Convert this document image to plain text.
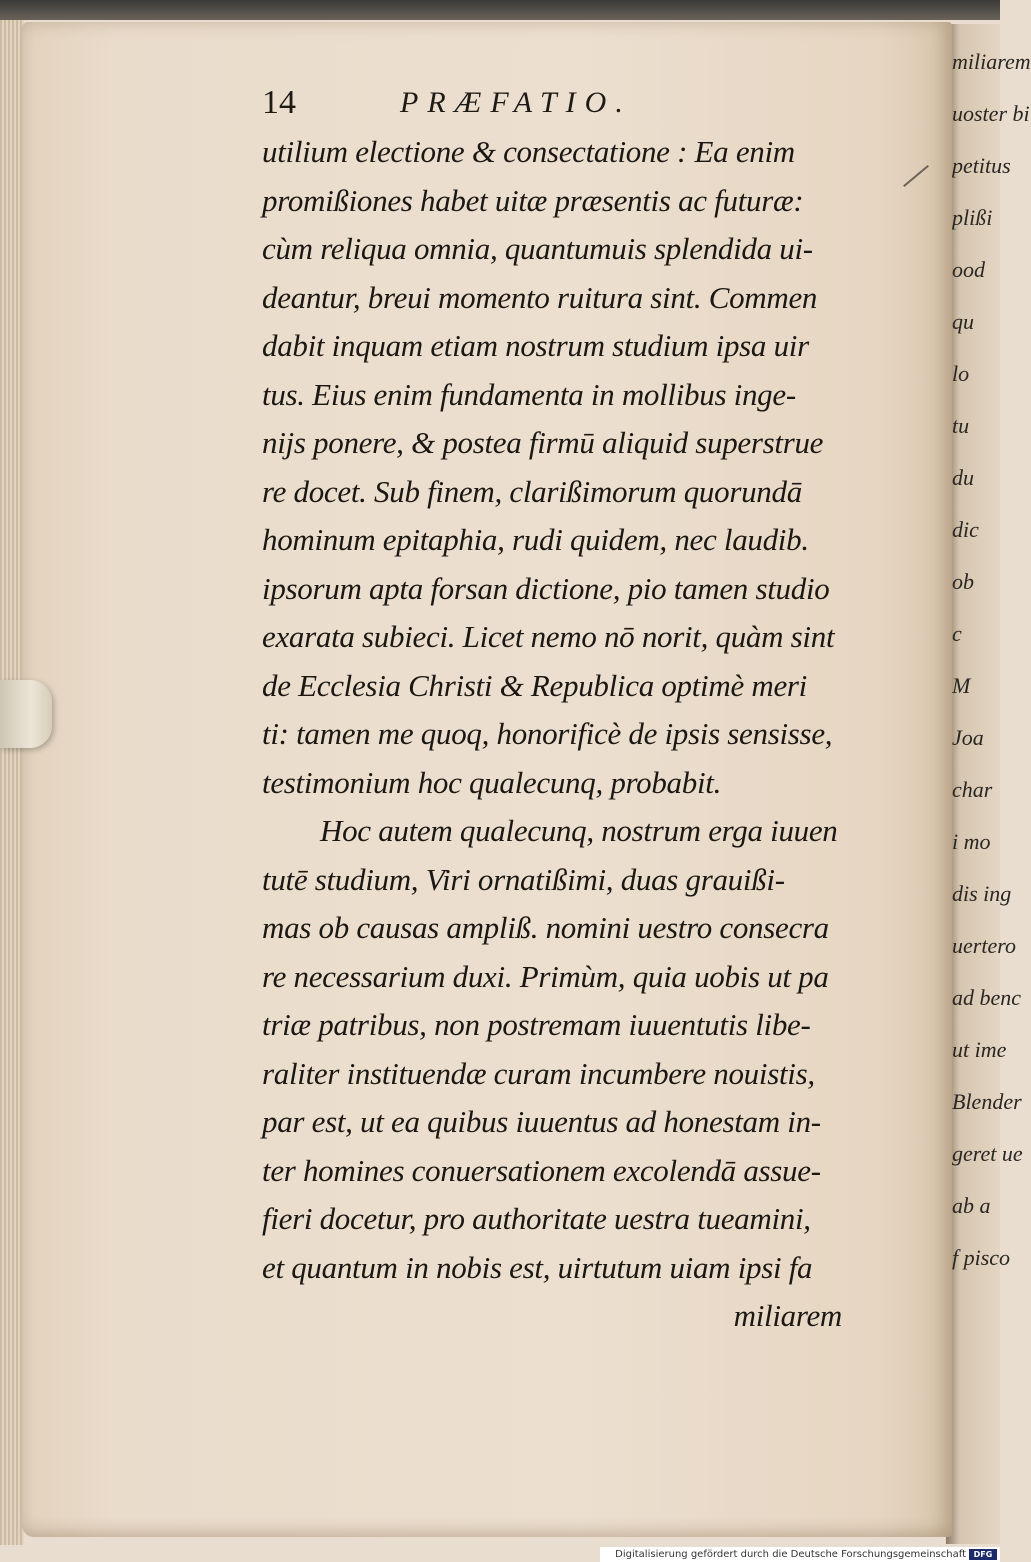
miliarem
uoster bi
petitus
plißi
ood
qu
lo
tu
du
dic
ob
c
M
Joa
char
i mo
dis ing
uertero
ad benc
ut ime
Blender
geret ue
ab a
f pisco
14	PRÆFATIO.
utilium electione & consectatione : Ea enim
promißiones habet uitæ præsentis ac futuræ:
cùm reliqua omnia, quantumuis splendida ui-
deantur, breui momento ruitura sint. Commen
dabit inquam etiam nostrum studium ipsa uir
tus. Eius enim fundamenta in mollibus inge-
nijs ponere, & postea firmū aliquid superstrue
re docet. Sub finem, clarißimorum quorundā
hominum epitaphia, rudi quidem, nec laudib.
ipsorum apta forsan dictione, pio tamen studio
exarata subieci. Licet nemo nō norit, quàm sint
de Ecclesia Christi & Republica optimè meri
ti: tamen me quoq, honorificè de ipsis sensisse,
testimonium hoc qualecunq, probabit.
Hoc autem qualecunq, nostrum erga iuuen
tutē studium, Viri ornatißimi, duas grauißi-
mas ob causas ampliß. nomini uestro consecra
re necessarium duxi. Primùm, quia uobis ut pa
triæ patribus, non postremam iuuentutis libe-
raliter instituendæ curam incumbere nouistis,
par est, ut ea quibus iuuentus ad honestam in-
ter homines conuersationem excolendā assue-
fieri docetur, pro authoritate uestra tueamini,
et quantum in nobis est, uirtutum uiam ipsi fa
miliarem
Digitalisierung gefördert durch die Deutsche Forschungsgemeinschaft DFG
